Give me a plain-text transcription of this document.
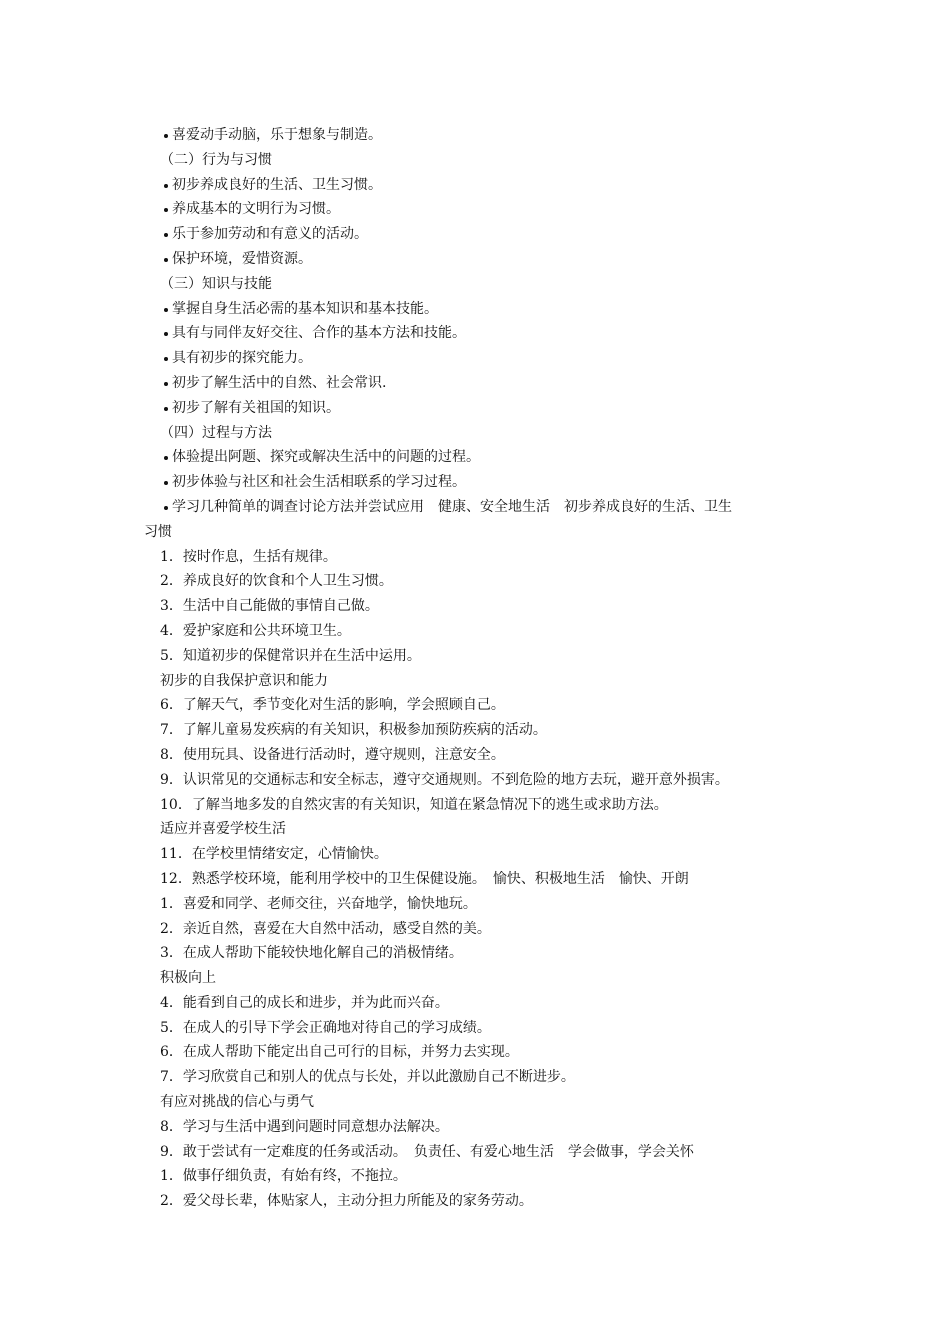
喜爱动手动脑，乐于想象与制造。
（二）行为与习惯
初步养成良好的生活、卫生习惯。
养成基本的文明行为习惯。
乐于参加劳动和有意义的活动。
保护环境，爱惜资源。
（三）知识与技能
掌握自身生活必需的基本知识和基本技能。
具有与同伴友好交往、合作的基本方法和技能。
具有初步的探究能力。
初步了解生活中的自然、社会常识.
初步了解有关祖国的知识。
（四）过程与方法
体验提出阿题、探究或解决生活中的问题的过程。
初步体验与社区和社会生活相联系的学习过程。
学习几种简单的调查讨论方法并尝试应用　健康、安全地生活　初步养成良好的生活、卫生
习惯
1．按时作息，生括有规律。
2．养成良好的饮食和个人卫生习惯。
3．生活中自己能做的事情自己做。
4．爱护家庭和公共环境卫生。
5．知道初步的保健常识并在生活中运用。
初步的自我保护意识和能力
6．了解天气，季节变化对生活的影响，学会照顾自己。
7．了解儿童易发疾病的有关知识，积极参加预防疾病的活动。
8．使用玩具、设备进行活动时，遵守规则，注意安全。
9．认识常见的交通标志和安全标志，遵守交通规则。不到危险的地方去玩，避开意外损害。
10．了解当地多发的自然灾害的有关知识，知道在紧急情况下的逃生或求助方法。
适应并喜爱学校生活
11．在学校里情绪安定，心情愉快。
12．熟悉学校环境，能利用学校中的卫生保健设施。　愉快、积极地生活　愉快、开朗
1．喜爱和同学、老师交往，兴奋地学，愉快地玩。
2．亲近自然，喜爱在大自然中活动，感受自然的美。
3．在成人帮助下能较快地化解自己的消极情绪。
积极向上
4．能看到自己的成长和进步，并为此而兴奋。
5．在成人的引导下学会正确地对待自己的学习成绩。
6．在成人帮助下能定出自己可行的目标，并努力去实现。
7．学习欣赏自己和别人的优点与长处，并以此激励自己不断进步。
有应对挑战的信心与勇气
8．学习与生活中遇到问题时同意想办法解决。
9．敢于尝试有一定难度的任务或活动。　负责任、有爱心地生活　学会做事，学会关怀
1．做事仔细负责，有始有终，不拖拉。
2．爱父母长辈，体贴家人，主动分担力所能及的家务劳动。
